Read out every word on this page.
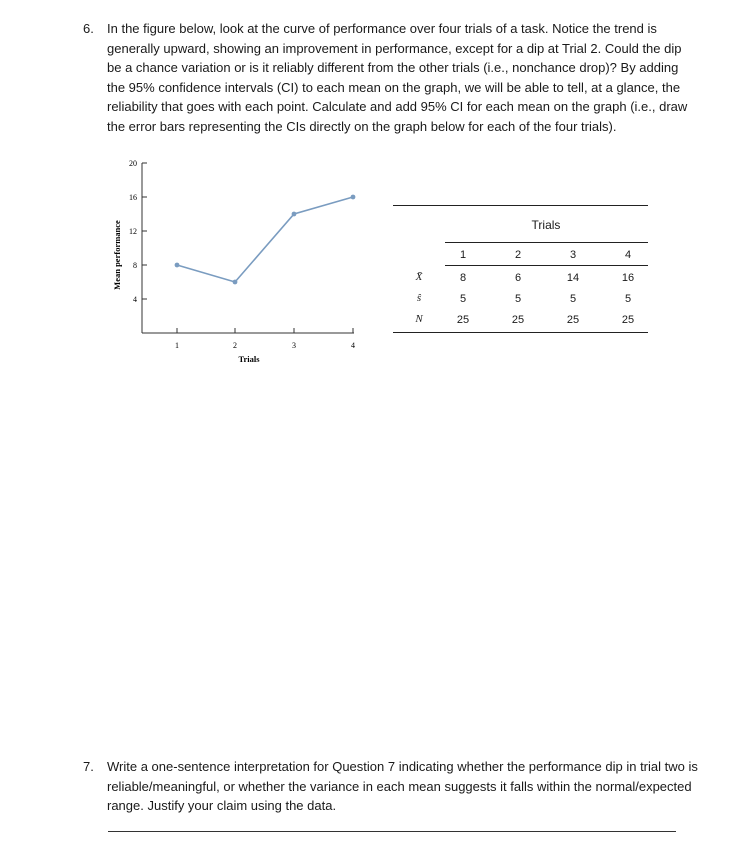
6. In the figure below, look at the curve of performance over four trials of a task. Notice the trend is generally upward, showing an improvement in performance, except for a dip at Trial 2. Could the dip be a chance variation or is it reliably different from the other trials (i.e., nonchance drop)? By adding the 95% confidence intervals (CI) to each mean on the graph, we will be able to tell, at a glance, the reliability that goes with each point. Calculate and add 95% CI for each mean on the graph (i.e., draw the error bars representing the CIs directly on the graph below for each of the four trials).
20
16
12
8
4
1	2	3	4
Mean performance
Trials
Trials
1	2	3	4
X̄	8	6	14	16
ŝ	5	5	5	5
N	25	25	25	25
7. Write a one-sentence interpretation for Question 7 indicating whether the performance dip in trial two is reliable/meaningful, or whether the variance in each mean suggests it falls within the normal/expected range. Justify your claim using the data.
